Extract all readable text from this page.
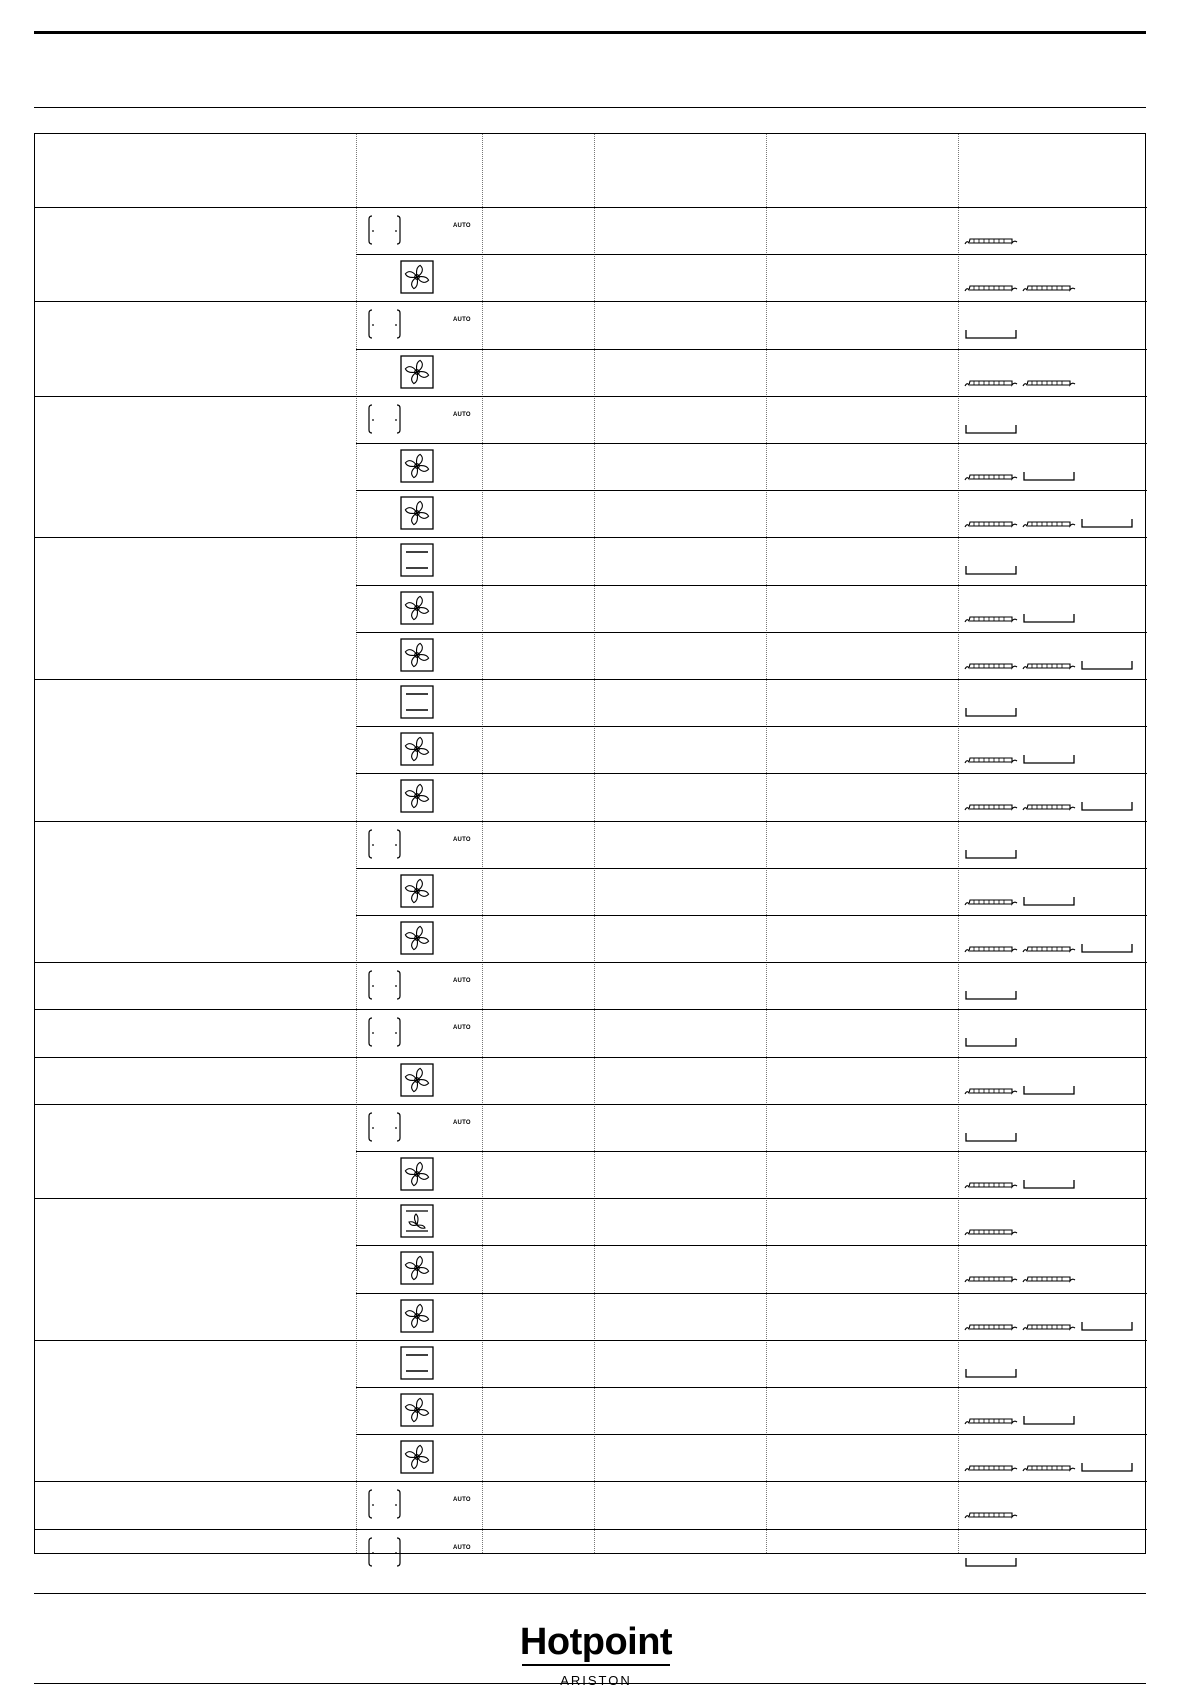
AUTO
AUTO
AUTO
AUTO
AUTO
AUTO
AUTO
AUTO
AUTO
Hotpoint
ARISTON
